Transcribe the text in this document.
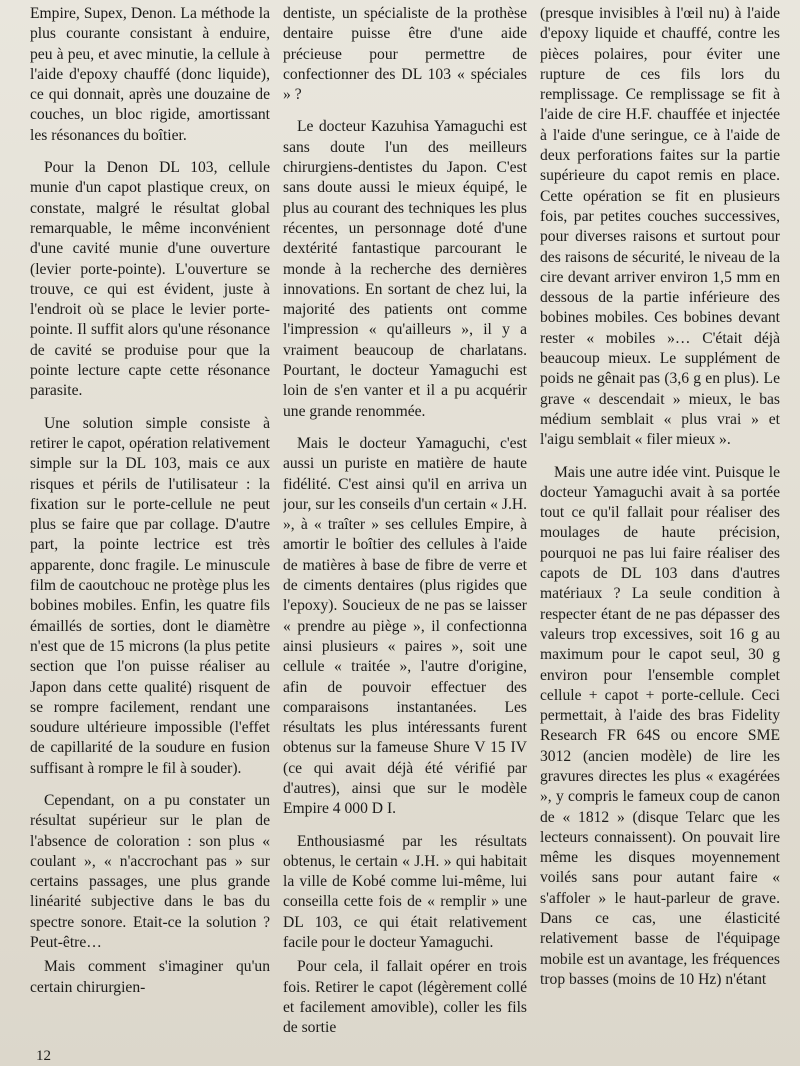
Empire, Supex, Denon. La méthode la plus courante consistant à enduire, peu à peu, et avec minutie, la cellule à l'aide d'epoxy chauffé (donc liquide), ce qui donnait, après une douzaine de couches, un bloc rigide, amortissant les résonances du boîtier.

Pour la Denon DL 103, cellule munie d'un capot plastique creux, on constate, malgré le résultat global remarquable, le même inconvénient d'une cavité munie d'une ouverture (levier porte-pointe). L'ouverture se trouve, ce qui est évident, juste à l'endroit où se place le levier porte-pointe. Il suffit alors qu'une résonance de cavité se produise pour que la pointe lecture capte cette résonance parasite.

Une solution simple consiste à retirer le capot, opération relativement simple sur la DL 103, mais ce aux risques et périls de l'utilisateur : la fixation sur le porte-cellule ne peut plus se faire que par collage. D'autre part, la pointe lectrice est très apparente, donc fragile. Le minuscule film de caoutchouc ne protège plus les bobines mobiles. Enfin, les quatre fils émaillés de sorties, dont le diamètre n'est que de 15 microns (la plus petite section que l'on puisse réaliser au Japon dans cette qualité) risquent de se rompre facilement, rendant une soudure ultérieure impossible (l'effet de capillarité de la soudure en fusion suffisant à rompre le fil à souder).

Cependant, on a pu constater un résultat supérieur sur le plan de l'absence de coloration : son plus « coulant », « n'accrochant pas » sur certains passages, une plus grande linéarité subjective dans le bas du spectre sonore. Etait-ce la solution ? Peut-être…

Mais comment s'imaginer qu'un certain chirurgien-

dentiste, un spécialiste de la prothèse dentaire puisse être d'une aide précieuse pour permettre de confectionner des DL 103 « spéciales » ?

Le docteur Kazuhisa Yamaguchi est sans doute l'un des meilleurs chirurgiens-dentistes du Japon. C'est sans doute aussi le mieux équipé, le plus au courant des techniques les plus récentes, un personnage doté d'une dextérité fantastique parcourant le monde à la recherche des dernières innovations. En sortant de chez lui, la majorité des patients ont comme l'impression « qu'ailleurs », il y a vraiment beaucoup de charlatans. Pourtant, le docteur Yamaguchi est loin de s'en vanter et il a pu acquérir une grande renommée.

Mais le docteur Yamaguchi, c'est aussi un puriste en matière de haute fidélité. C'est ainsi qu'il en arriva un jour, sur les conseils d'un certain « J.H. », à « traîter » ses cellules Empire, à amortir le boîtier des cellules à l'aide de matières à base de fibre de verre et de ciments dentaires (plus rigides que l'epoxy). Soucieux de ne pas se laisser « prendre au piège », il confectionna ainsi plusieurs « paires », soit une cellule « traitée », l'autre d'origine, afin de pouvoir effectuer des comparaisons instantanées. Les résultats les plus intéressants furent obtenus sur la fameuse Shure V 15 IV (ce qui avait déjà été vérifié par d'autres), ainsi que sur le modèle Empire 4 000 D I.

Enthousiasmé par les résultats obtenus, le certain « J.H. » qui habitait la ville de Kobé comme lui-même, lui conseilla cette fois de « remplir » une DL 103, ce qui était relativement facile pour le docteur Yamaguchi.

Pour cela, il fallait opérer en trois fois. Retirer le capot (légèrement collé et facilement amovible), coller les fils de sortie

(presque invisibles à l'œil nu) à l'aide d'epoxy liquide et chauffé, contre les pièces polaires, pour éviter une rupture de ces fils lors du remplissage. Ce remplissage se fit à l'aide de cire H.F. chauffée et injectée à l'aide d'une seringue, ce à l'aide de deux perforations faites sur la partie supérieure du capot remis en place. Cette opération se fit en plusieurs fois, par petites couches successives, pour diverses raisons et surtout pour des raisons de sécurité, le niveau de la cire devant arriver environ 1,5 mm en dessous de la partie inférieure des bobines mobiles. Ces bobines devant rester « mobiles »… C'était déjà beaucoup mieux. Le supplément de poids ne gênait pas (3,6 g en plus). Le grave « descendait » mieux, le bas médium semblait « plus vrai » et l'aigu semblait « filer mieux ».

Mais une autre idée vint. Puisque le docteur Yamaguchi avait à sa portée tout ce qu'il fallait pour réaliser des moulages de haute précision, pourquoi ne pas lui faire réaliser des capots de DL 103 dans d'autres matériaux ? La seule condition à respecter étant de ne pas dépasser des valeurs trop excessives, soit 16 g au maximum pour le capot seul, 30 g environ pour l'ensemble complet cellule + capot + porte-cellule. Ceci permettait, à l'aide des bras Fidelity Research FR 64S ou encore SME 3012 (ancien modèle) de lire les gravures directes les plus « exagérées », y compris le fameux coup de canon de « 1812 » (disque Telarc que les lecteurs connaissent). On pouvait lire même les disques moyennement voilés sans pour autant faire « s'affoler » le haut-parleur de grave. Dans ce cas, une élasticité relativement basse de l'équipage mobile est un avantage, les fréquences trop basses (moins de 10 Hz) n'étant

12
